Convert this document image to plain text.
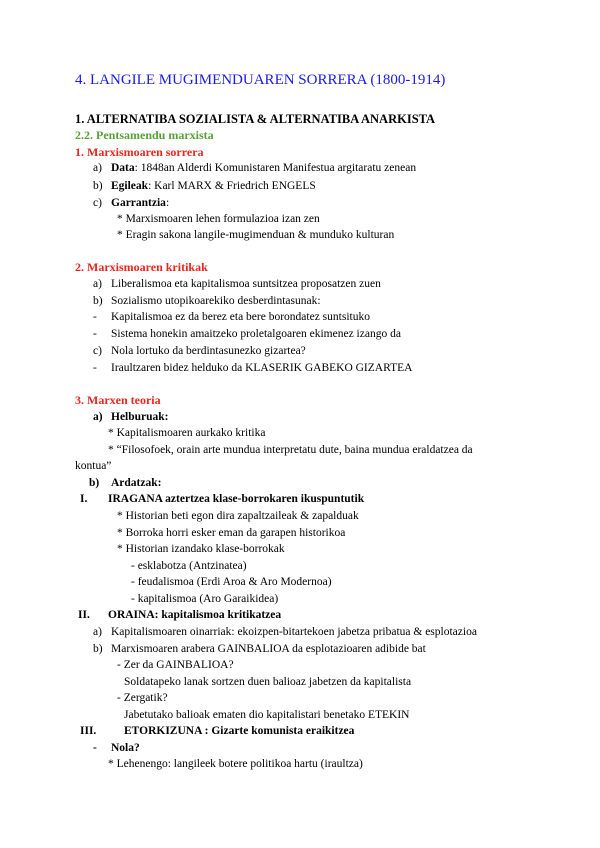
4. LANGILE MUGIMENDUAREN SORRERA (1800-1914)
1. ALTERNATIBA SOZIALISTA & ALTERNATIBA ANARKISTA
2.2. Pentsamendu marxista
1. Marxismoaren sorrera
a) Data: 1848an Alderdi Komunistaren Manifestua argitaratu zenean
b) Egileak: Karl MARX & Friedrich ENGELS
c) Garrantzia:
* Marxismoaren lehen formulazioa izan zen
* Eragin sakona langile-mugimenduan & munduko kulturan
2. Marxismoaren kritikak
a) Liberalismoa eta kapitalismoa suntsitzea proposatzen zuen
b) Sozialismo utopikoarekiko desberdintasunak:
- Kapitalismoa ez da berez eta bere borondatez suntsituko
- Sistema honekin amaitzeko proletalgoaren ekimenez izango da
c) Nola lortuko da berdintasunezko gizartea?
- Iraultzaren bidez helduko da KLASERIK GABEKO GIZARTEA
3. Marxen teoria
a) Helburuak:
* Kapitalismoaren aurkako kritika
* “Filosofoek, orain arte mundua interpretatu dute, baina mundua eraldatzea da
kontua”
b) Ardatzak:
I. IRAGANA aztertzea klase-borrokaren ikuspuntutik
* Historian beti egon dira zapaltzaileak & zapalduak
* Borroka horri esker eman da garapen historikoa
* Historian izandako klase-borrokak
- esklabotza (Antzinatea)
- feudalismoa (Erdi Aroa & Aro Modernoa)
- kapitalismoa (Aro Garaikidea)
II. ORAINA: kapitalismoa kritikatzea
a) Kapitalismoaren oinarriak: ekoizpen-bitartekoen jabetza pribatua & esplotazioa
b) Marxismoaren arabera GAINBALIOA da esplotazioaren adibide bat
- Zer da GAINBALIOA?
Soldatapeko lanak sortzen duen balioaz jabetzen da kapitalista
- Zergatik?
Jabetutako balioak ematen dio kapitalistari benetako ETEKIN
III. ETORKIZUNA : Gizarte komunista eraikitzea
- Nola?
* Lehenengo: langileek botere politikoa hartu (iraultza)
